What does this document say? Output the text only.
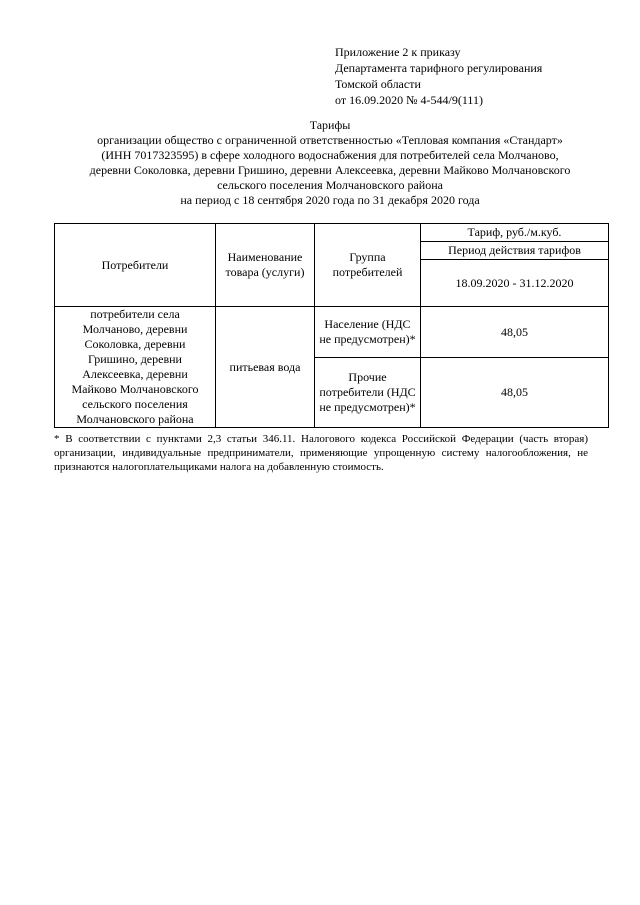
Приложение 2 к приказу
Департамента тарифного регулирования
Томской области
от 16.09.2020 № 4-544/9(111)
Тарифы
организации общество с ограниченной ответственностью «Тепловая компания «Стандарт»
(ИНН 7017323595) в сфере холодного водоснабжения для потребителей села Молчаново,
деревни Соколовка, деревни Гришино, деревни Алексеевка, деревни Майково Молчановского
сельского поселения Молчановского района
на период с 18 сентября 2020 года по 31 декабря 2020 года
Потребители	Наименование товара (услуги)	Группа потребителей	Тариф, руб./м.куб.
			Период действия тарифов
			18.09.2020 - 31.12.2020
потребители села Молчаново, деревни Соколовка, деревни Гришино, деревни Алексеевка, деревни Майково Молчановского сельского поселения Молчановского района	питьевая вода	Население (НДС не предусмотрен)*	48,05
		Прочие потребители (НДС не предусмотрен)*	48,05
* В соответствии с пунктами 2,3 статьи 346.11. Налогового кодекса Российской Федерации (часть вторая) организации, индивидуальные предприниматели, применяющие упрощенную систему налогообложения, не признаются налогоплательщиками налога на добавленную стоимость.
